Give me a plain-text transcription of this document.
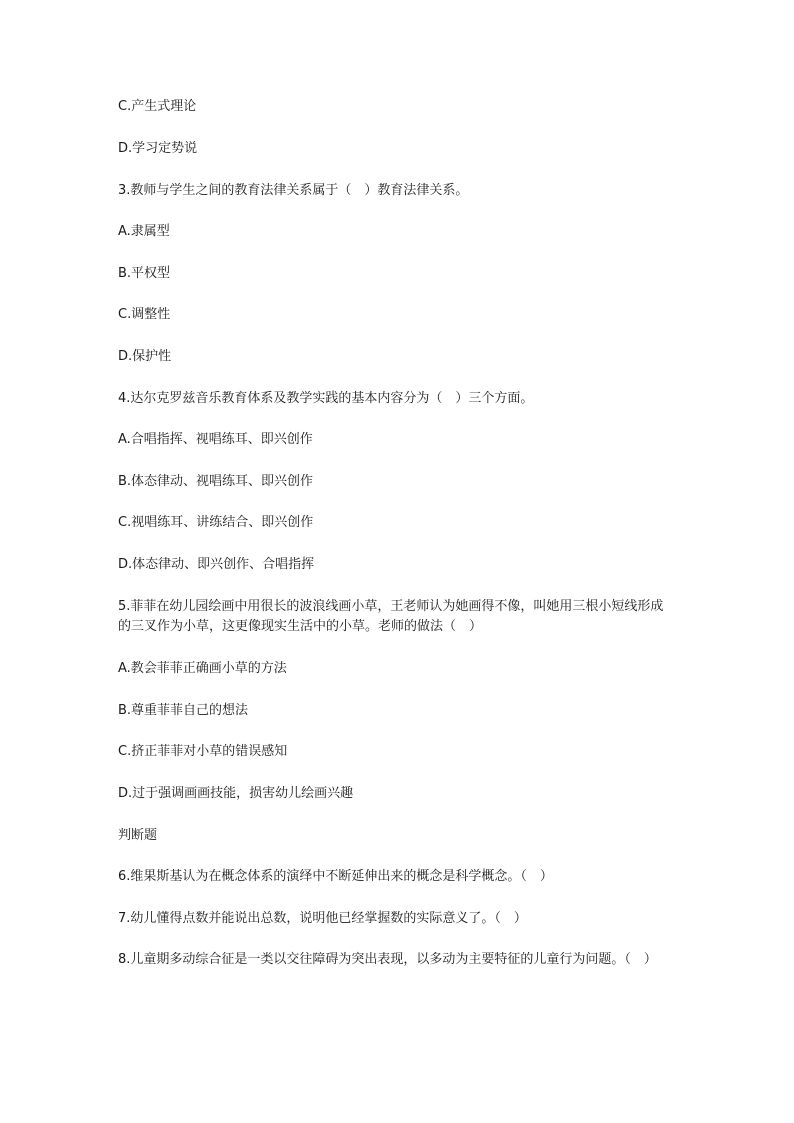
C.产生式理论
D.学习定势说
3.教师与学生之间的教育法律关系属于（　）教育法律关系。
A.隶属型
B.平权型
C.调整性
D.保护性
4.达尔克罗兹音乐教育体系及教学实践的基本内容分为（　）三个方面。
A.合唱指挥、视唱练耳、即兴创作
B.体态律动、视唱练耳、即兴创作
C.视唱练耳、讲练结合、即兴创作
D.体态律动、即兴创作、合唱指挥
5.菲菲在幼儿园绘画中用很长的波浪线画小草，王老师认为她画得不像，叫她用三根小短线形成的三叉作为小草，这更像现实生活中的小草。老师的做法（　）
A.教会菲菲正确画小草的方法
B.尊重菲菲自己的想法
C.挤正菲菲对小草的错误感知
D.过于强调画画技能，损害幼儿绘画兴趣
判断题
6.维果斯基认为在概念体系的演绎中不断延伸出来的概念是科学概念。（　）
7.幼儿懂得点数并能说出总数，说明他已经掌握数的实际意义了。（　）
8.儿童期多动综合征是一类以交往障碍为突出表现，以多动为主要特征的儿童行为问题。（　）
